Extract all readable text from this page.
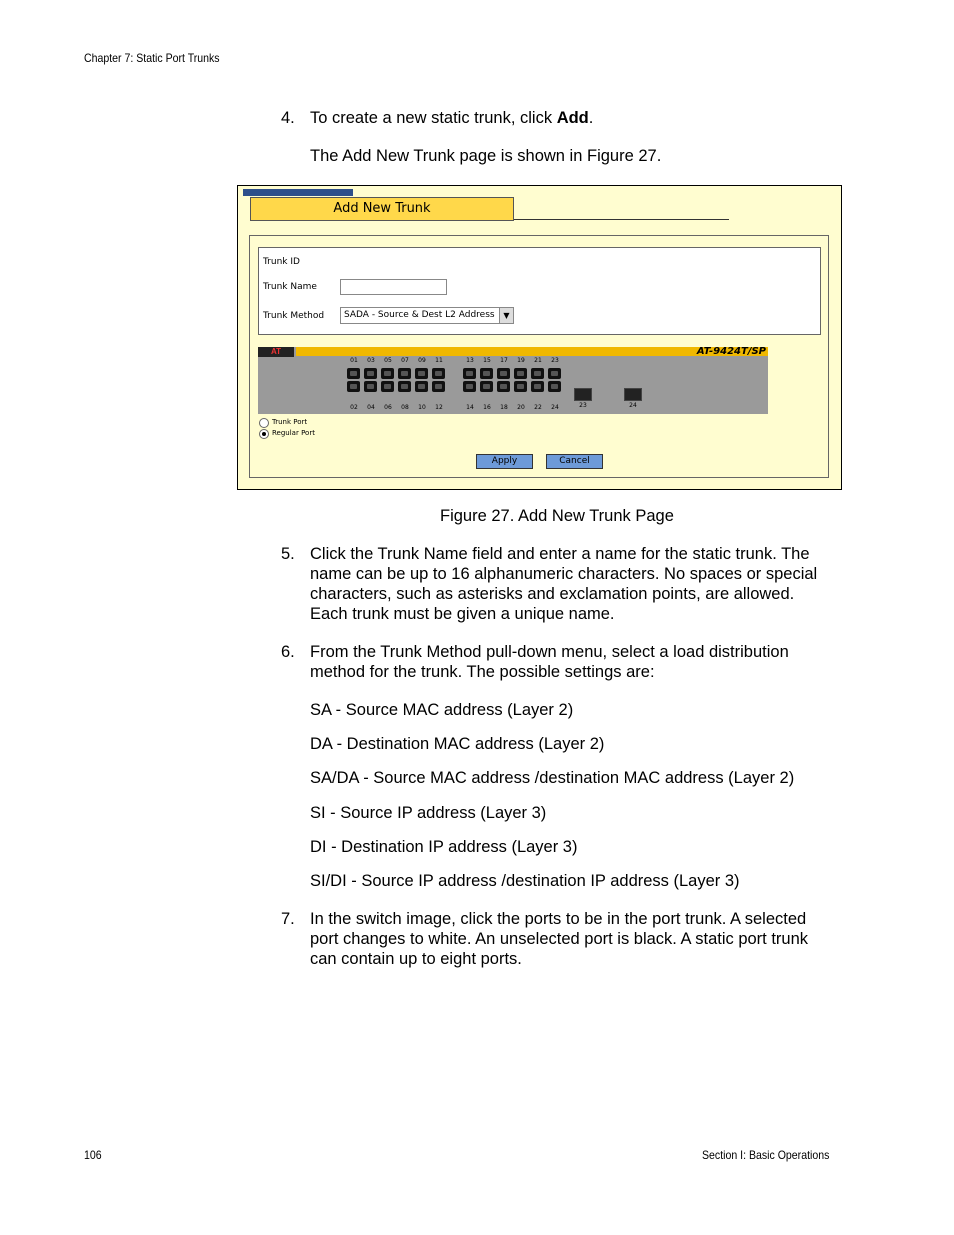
Chapter 7: Static Port Trunks
4. To create a new static trunk, click Add.
The Add New Trunk page is shown in Figure 27.
Add New Trunk
Trunk ID
Trunk Name
Trunk Method	SADA - Source & Dest L2 Address	▼
AT	AT-9424T/SP
01
02
03
04
05
06
07
08
09
10
11
12
13
14
15
16
17
18
19
20
21
22
23
24	23	24
Trunk Port
Regular Port
Apply	Cancel
Figure 27. Add New Trunk Page
5. Click the Trunk Name field and enter a name for the static trunk. The
name can be up to 16 alphanumeric characters. No spaces or special
characters, such as asterisks and exclamation points, are allowed.
Each trunk must be given a unique name.
6. From the Trunk Method pull-down menu, select a load distribution
method for the trunk. The possible settings are:
SA - Source MAC address (Layer 2)
DA - Destination MAC address (Layer 2)
SA/DA - Source MAC address /destination MAC address (Layer 2)
SI - Source IP address (Layer 3)
DI - Destination IP address (Layer 3)
SI/DI - Source IP address /destination IP address (Layer 3)
7. In the switch image, click the ports to be in the port trunk. A selected
port changes to white. An unselected port is black. A static port trunk
can contain up to eight ports.
106	Section I: Basic Operations
